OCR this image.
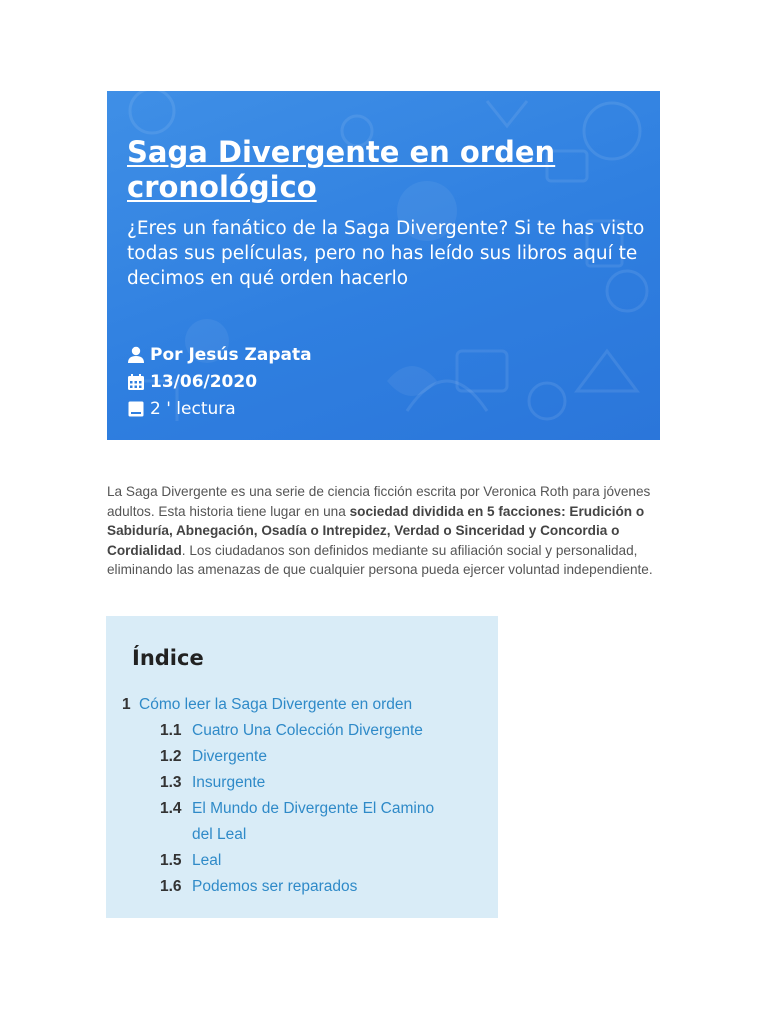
Saga Divergente en orden cronológico
¿Eres un fanático de la Saga Divergente? Si te has visto todas sus películas, pero no has leído sus libros aquí te decimos en qué orden hacerlo
Por Jesús Zapata
13/06/2020
2 ' lectura

La Saga Divergente es una serie de ciencia ficción escrita por Veronica Roth para jóvenes adultos. Esta historia tiene lugar en una sociedad dividida en 5 facciones: Erudición o Sabiduría, Abnegación, Osadía o Intrepidez, Verdad o Sinceridad y Concordia o Cordialidad. Los ciudadanos son definidos mediante su afiliación social y personalidad, eliminando las amenazas de que cualquier persona pueda ejercer voluntad independiente.

Índice
1 Cómo leer la Saga Divergente en orden
1.1 Cuatro Una Colección Divergente
1.2 Divergente
1.3 Insurgente
1.4 El Mundo de Divergente El Camino
del Leal
1.5 Leal
1.6 Podemos ser reparados
